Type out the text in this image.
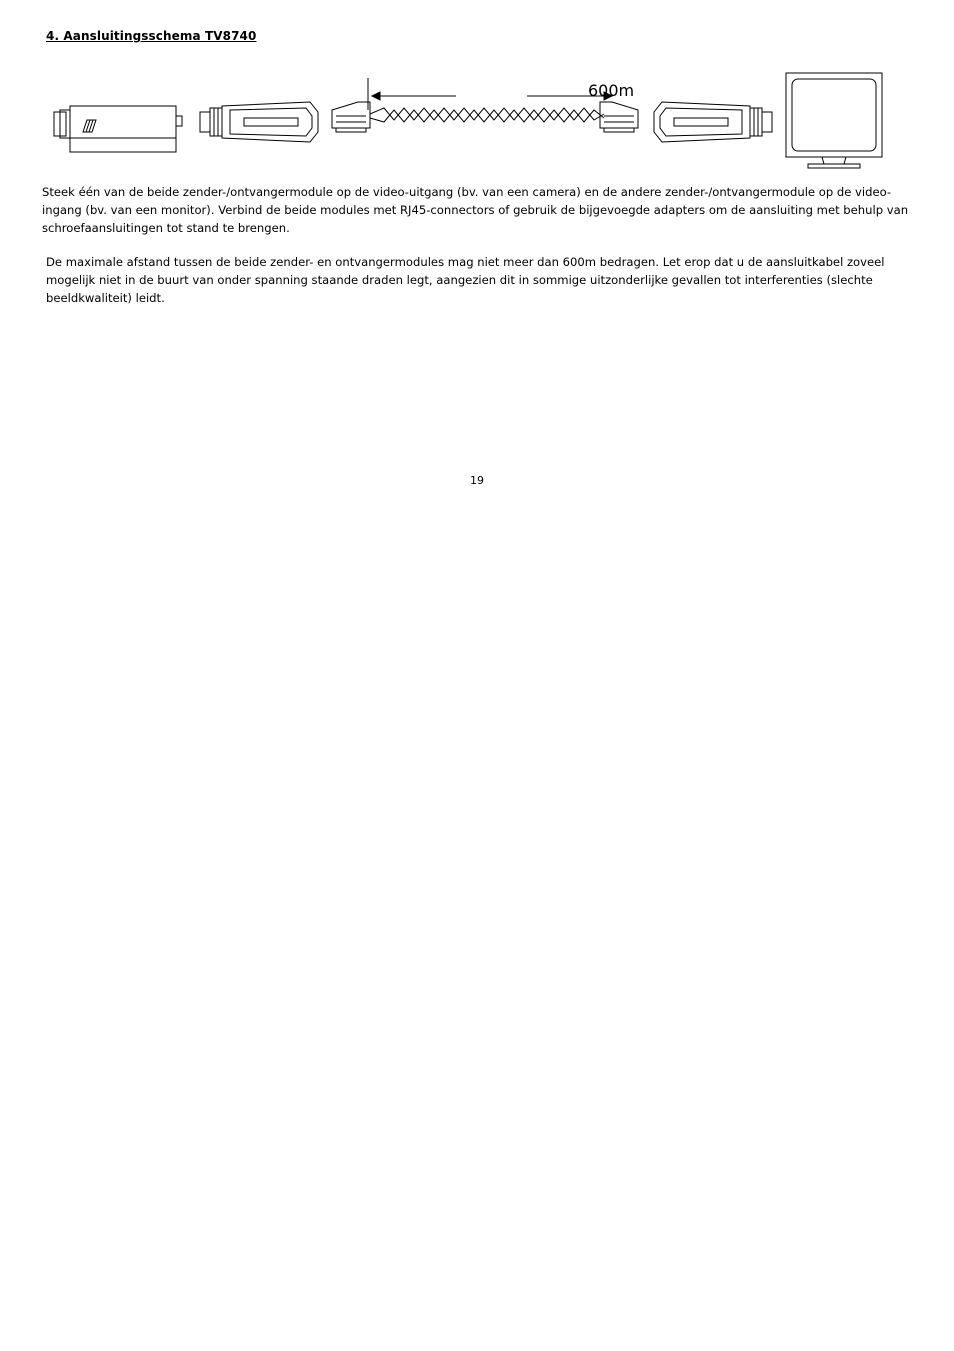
4. Aansluitingsschema TV8740
600m
Steek één van de beide zender-/ontvangermodule op de video-uitgang (bv. van een camera) en de andere zender-/ontvangermodule op de video-ingang (bv. van een monitor). Verbind de beide modules met RJ45-connectors of gebruik de bijgevoegde adapters om de aansluiting met behulp van schroefaansluitingen tot stand te brengen.
De maximale afstand tussen de beide zender- en ontvangermodules mag niet meer dan 600m bedragen. Let erop dat u de aansluitkabel zoveel mogelijk niet in de buurt van onder spanning staande draden legt, aangezien dit in sommige uitzonderlijke gevallen tot interferenties (slechte beeldkwaliteit) leidt.
19
